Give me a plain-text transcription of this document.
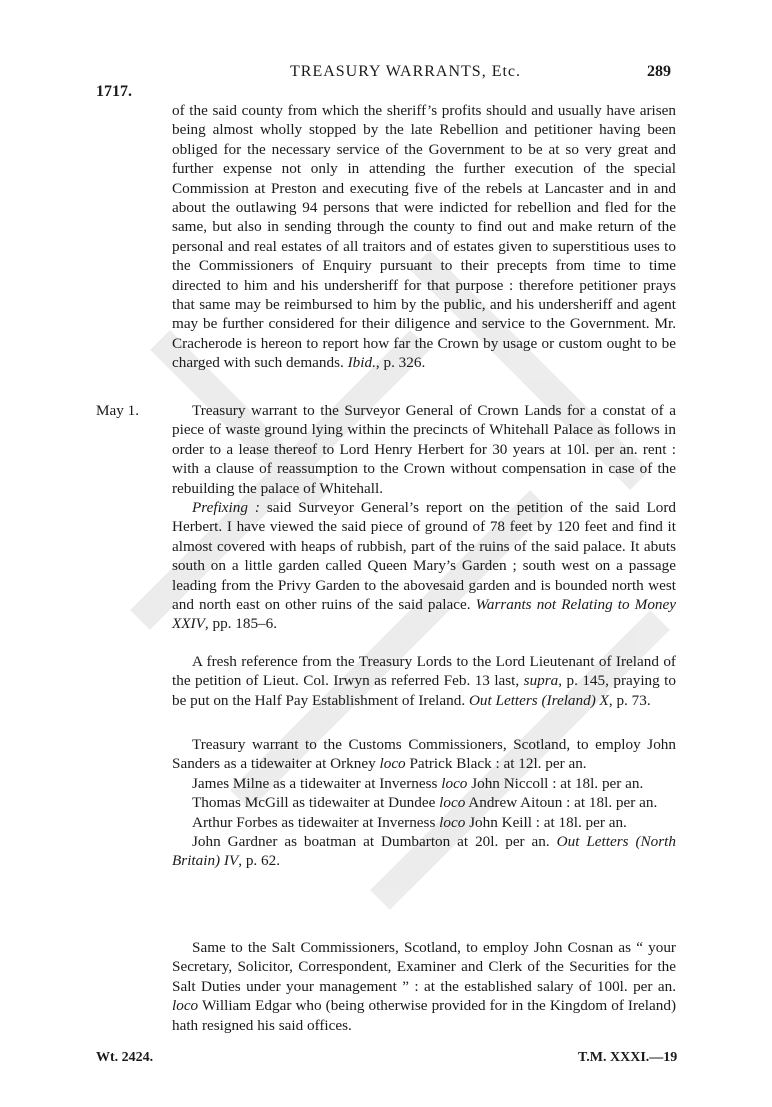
TREASURY WARRANTS, Etc.	289
1717.

of the said county from which the sheriff’s profits should and usually have arisen being almost wholly stopped by the late Rebellion and petitioner having been obliged for the necessary service of the Government to be at so very great and further expense not only in attending the further execution of the special Commission at Preston and executing five of the rebels at Lancaster and in and about the outlawing 94 persons that were indicted for rebellion and fled for the same, but also in sending through the county to find out and make return of the personal and real estates of all traitors and of estates given to superstitious uses to the Commissioners of Enquiry pursuant to their precepts from time to time directed to him and his undersheriff for that purpose : therefore petitioner prays that same may be reimbursed to him by the public, and his undersheriff and agent may be further considered for their diligence and service to the Government. Mr. Cracherode is hereon to report how far the Crown by usage or custom ought to be charged with such demands. Ibid., p. 326.

May 1.	Treasury warrant to the Surveyor General of Crown Lands for a constat of a piece of waste ground lying within the precincts of Whitehall Palace as follows in order to a lease thereof to Lord Henry Herbert for 30 years at 10l. per an. rent : with a clause of reassumption to the Crown without compensation in case of the rebuilding the palace of Whitehall.

Prefixing : said Surveyor General’s report on the petition of the said Lord Herbert. I have viewed the said piece of ground of 78 feet by 120 feet and find it almost covered with heaps of rubbish, part of the ruins of the said palace. It abuts south on a little garden called Queen Mary’s Garden ; south west on a passage leading from the Privy Garden to the abovesaid garden and is bounded north west and north east on other ruins of the said palace. Warrants not Relating to Money XXIV, pp. 185–6.

A fresh reference from the Treasury Lords to the Lord Lieutenant of Ireland of the petition of Lieut. Col. Irwyn as referred Feb. 13 last, supra, p. 145, praying to be put on the Half Pay Establishment of Ireland. Out Letters (Ireland) X, p. 73.

Treasury warrant to the Customs Commissioners, Scotland, to employ John Sanders as a tidewaiter at Orkney loco Patrick Black : at 12l. per an.

James Milne as a tidewaiter at Inverness loco John Niccoll : at 18l. per an.

Thomas McGill as tidewaiter at Dundee loco Andrew Aitoun : at 18l. per an.

Arthur Forbes as tidewaiter at Inverness loco John Keill : at 18l. per an.

John Gardner as boatman at Dumbarton at 20l. per an. Out Letters (North Britain) IV, p. 62.

Same to the Salt Commissioners, Scotland, to employ John Cosnan as “ your Secretary, Solicitor, Correspondent, Examiner and Clerk of the Securities for the Salt Duties under your management ” : at the established salary of 100l. per an. loco William Edgar who (being otherwise provided for in the Kingdom of Ireland) hath resigned his said offices.

Wt. 2424.	T.M. XXXI.—19
